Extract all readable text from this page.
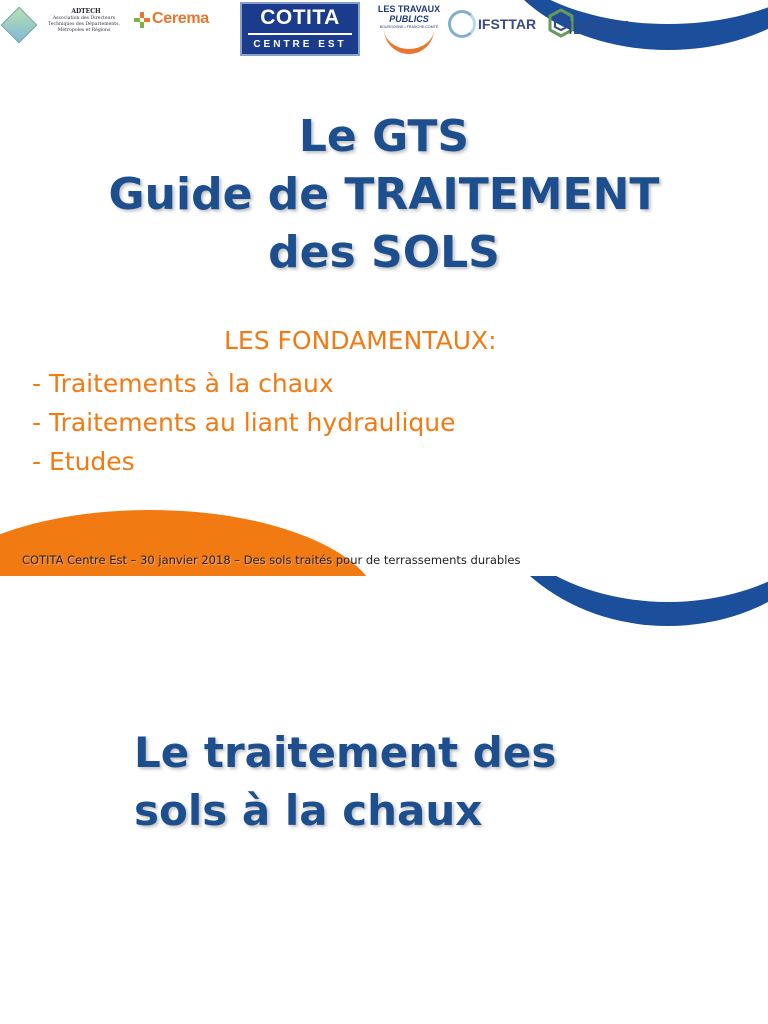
ADTECH
Association des Directeurs
Techniques des Départements,
Métropoles et Régions
Cerema	COTITA
CENTRE EST
LES TRAVAUX
PUBLICS
BOURGOGNE • FRANCHE-COMTÉ	IFSTTAR IDRRIM
Le GTS
Guide de TRAITEMENT
des SOLS
LES FONDAMENTAUX:
- Traitements à la chaux
- Traitements au liant hydraulique
- Etudes
COTITA Centre Est – 30 janvier 2018 – Des sols traités pour de terrassements durables
Le traitement des
sols à la chaux
